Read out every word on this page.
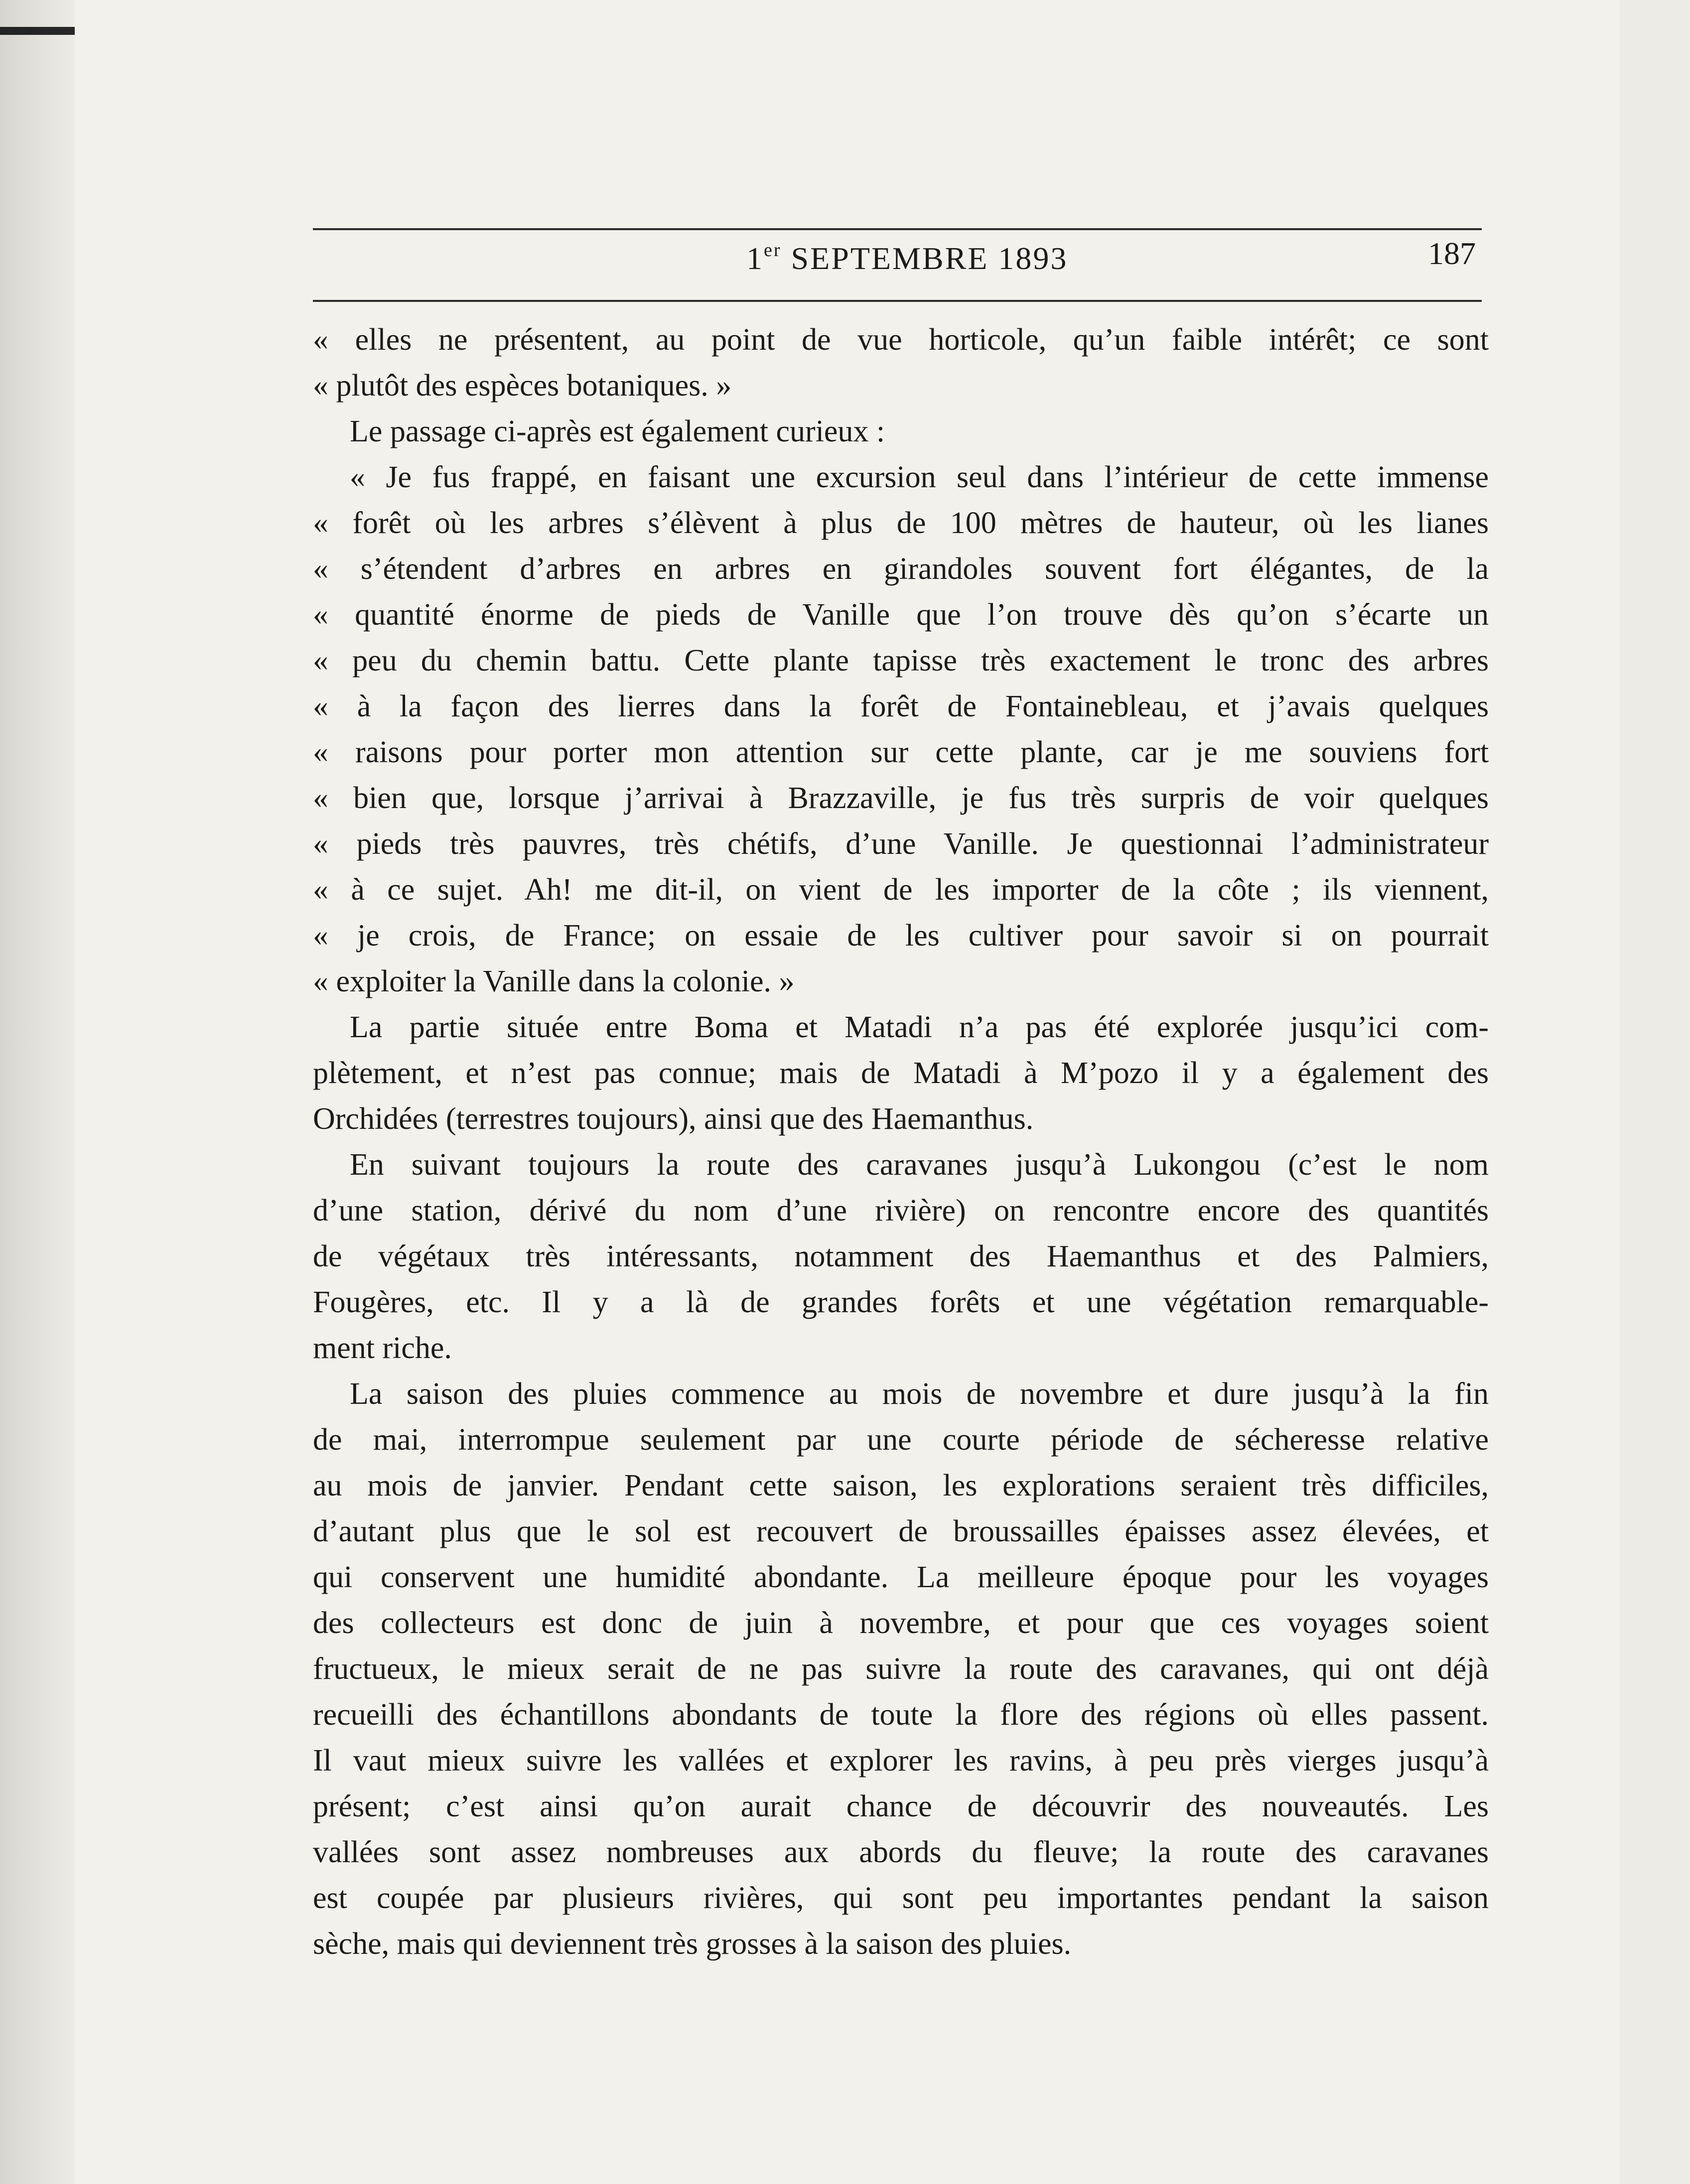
1er SEPTEMBRE 1893	187
« elles ne présentent, au point de vue horticole, qu’un faible intérêt; ce sont
« plutôt des espèces botaniques. »
Le passage ci-après est également curieux :
« Je fus frappé, en faisant une excursion seul dans l’intérieur de cette immense
« forêt où les arbres s’élèvent à plus de 100 mètres de hauteur, où les lianes
« s’étendent d’arbres en arbres en girandoles souvent fort élégantes, de la
« quantité énorme de pieds de Vanille que l’on trouve dès qu’on s’écarte un
« peu du chemin battu. Cette plante tapisse très exactement le tronc des arbres
« à la façon des lierres dans la forêt de Fontainebleau, et j’avais quelques
« raisons pour porter mon attention sur cette plante, car je me souviens fort
« bien que, lorsque j’arrivai à Brazzaville, je fus très surpris de voir quelques
« pieds très pauvres, très chétifs, d’une Vanille. Je questionnai l’administrateur
« à ce sujet. Ah! me dit-il, on vient de les importer de la côte ; ils viennent,
« je crois, de France; on essaie de les cultiver pour savoir si on pourrait
« exploiter la Vanille dans la colonie. »
La partie située entre Boma et Matadi n’a pas été explorée jusqu’ici com-
plètement, et n’est pas connue; mais de Matadi à M’pozo il y a également des
Orchidées (terrestres toujours), ainsi que des Haemanthus.
En suivant toujours la route des caravanes jusqu’à Lukongou (c’est le nom
d’une station, dérivé du nom d’une rivière) on rencontre encore des quantités
de végétaux très intéressants, notamment des Haemanthus et des Palmiers,
Fougères, etc. Il y a là de grandes forêts et une végétation remarquable-
ment riche.
La saison des pluies commence au mois de novembre et dure jusqu’à la fin
de mai, interrompue seulement par une courte période de sécheresse relative
au mois de janvier. Pendant cette saison, les explorations seraient très difficiles,
d’autant plus que le sol est recouvert de broussailles épaisses assez élevées, et
qui conservent une humidité abondante. La meilleure époque pour les voyages
des collecteurs est donc de juin à novembre, et pour que ces voyages soient
fructueux, le mieux serait de ne pas suivre la route des caravanes, qui ont déjà
recueilli des échantillons abondants de toute la flore des régions où elles passent.
Il vaut mieux suivre les vallées et explorer les ravins, à peu près vierges jusqu’à
présent; c’est ainsi qu’on aurait chance de découvrir des nouveautés. Les
vallées sont assez nombreuses aux abords du fleuve; la route des caravanes
est coupée par plusieurs rivières, qui sont peu importantes pendant la saison
sèche, mais qui deviennent très grosses à la saison des pluies.
